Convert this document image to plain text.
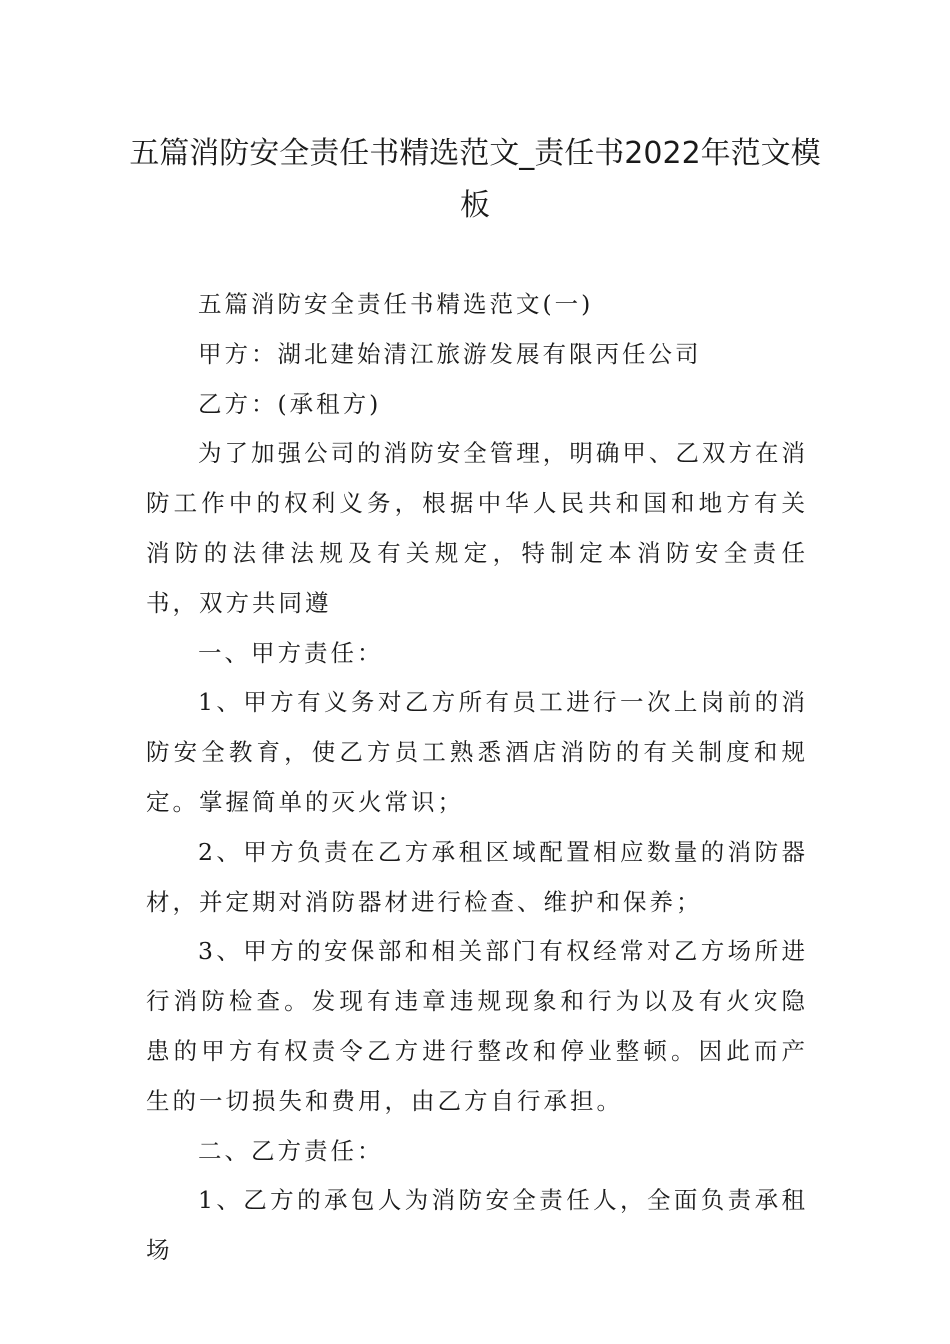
五篇消防安全责任书精选范文_责任书2022年范文模板

五篇消防安全责任书精选范文(一)

甲方：湖北建始清江旅游发展有限丙任公司

乙方：(承租方)

为了加强公司的消防安全管理，明确甲、乙双方在消防工作中的权利义务，根据中华人民共和国和地方有关消防的法律法规及有关规定，特制定本消防安全责任书，双方共同遵

一、甲方责任：

1、甲方有义务对乙方所有员工进行一次上岗前的消防安全教育，使乙方员工熟悉酒店消防的有关制度和规定。掌握简单的灭火常识；

2、甲方负责在乙方承租区域配置相应数量的消防器材，并定期对消防器材进行检查、维护和保养；

3、甲方的安保部和相关部门有权经常对乙方场所进行消防检查。发现有违章违规现象和行为以及有火灾隐患的甲方有权责令乙方进行整改和停业整顿。因此而产生的一切损失和费用，由乙方自行承担。

二、乙方责任：

1、乙方的承包人为消防安全责任人，全面负责承租场
